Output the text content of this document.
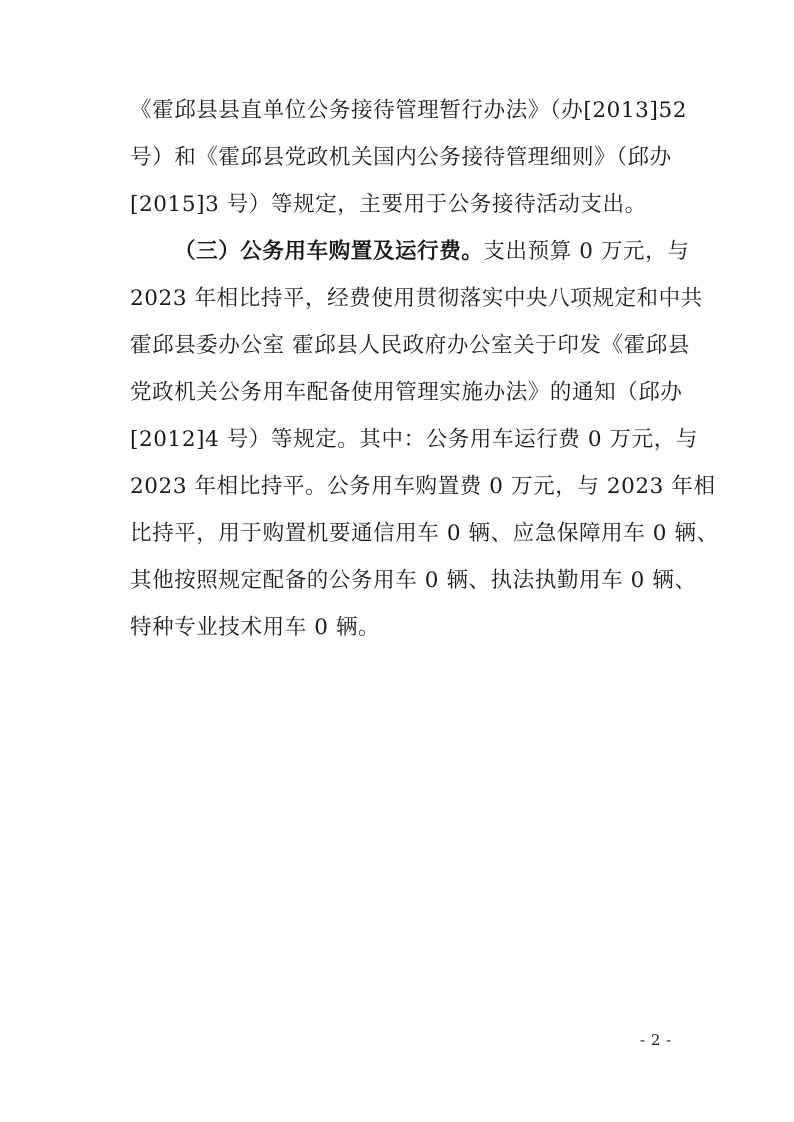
《霍邱县县直单位公务接待管理暂行办法》（办[2013]52
号）和《霍邱县党政机关国内公务接待管理细则》（邱办
[2015]3 号）等规定，主要用于公务接待活动支出。
（三）公务用车购置及运行费。支出预算 0 万元，与
2023 年相比持平，经费使用贯彻落实中央八项规定和中共
霍邱县委办公室 霍邱县人民政府办公室关于印发《霍邱县
党政机关公务用车配备使用管理实施办法》的通知（邱办
[2012]4 号）等规定。其中：公务用车运行费 0 万元，与
2023 年相比持平。公务用车购置费 0 万元，与 2023 年相
比持平，用于购置机要通信用车 0 辆、应急保障用车 0 辆、
其他按照规定配备的公务用车 0 辆、执法执勤用车 0 辆、
特种专业技术用车 0 辆。
- 2 -
